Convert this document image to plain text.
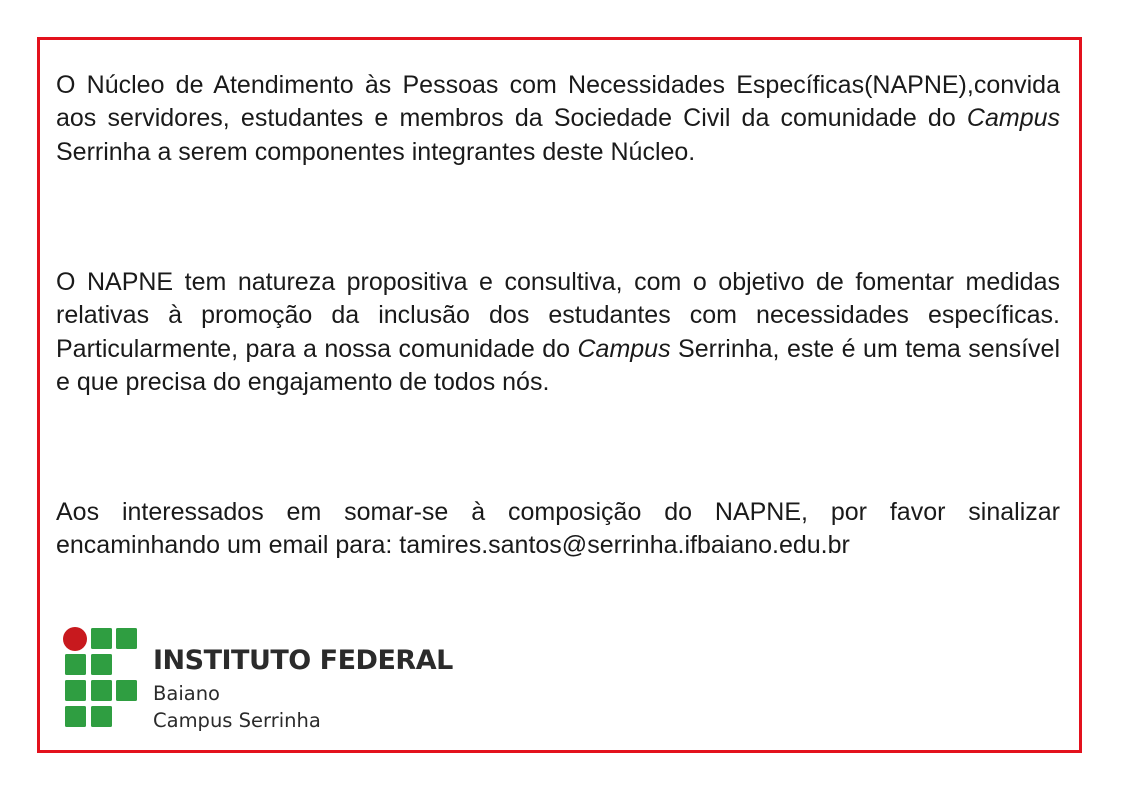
O Núcleo de Atendimento às Pessoas com Necessidades Específicas(NAPNE),convida aos servidores, estudantes e membros da Sociedade Civil da comunidade do Campus Serrinha a serem componentes integrantes deste Núcleo.

O NAPNE tem natureza propositiva e consultiva, com o objetivo de fomentar medidas relativas à promoção da inclusão dos estudantes com necessidades específicas. Particularmente, para a nossa comunidade do Campus Serrinha, este é um tema sensível e que precisa do engajamento de todos nós.

Aos interessados em somar-se à composição do NAPNE, por favor sinalizar encaminhando um email para: tamires.santos@serrinha.ifbaiano.edu.br

INSTITUTO FEDERAL
Baiano
Campus Serrinha
